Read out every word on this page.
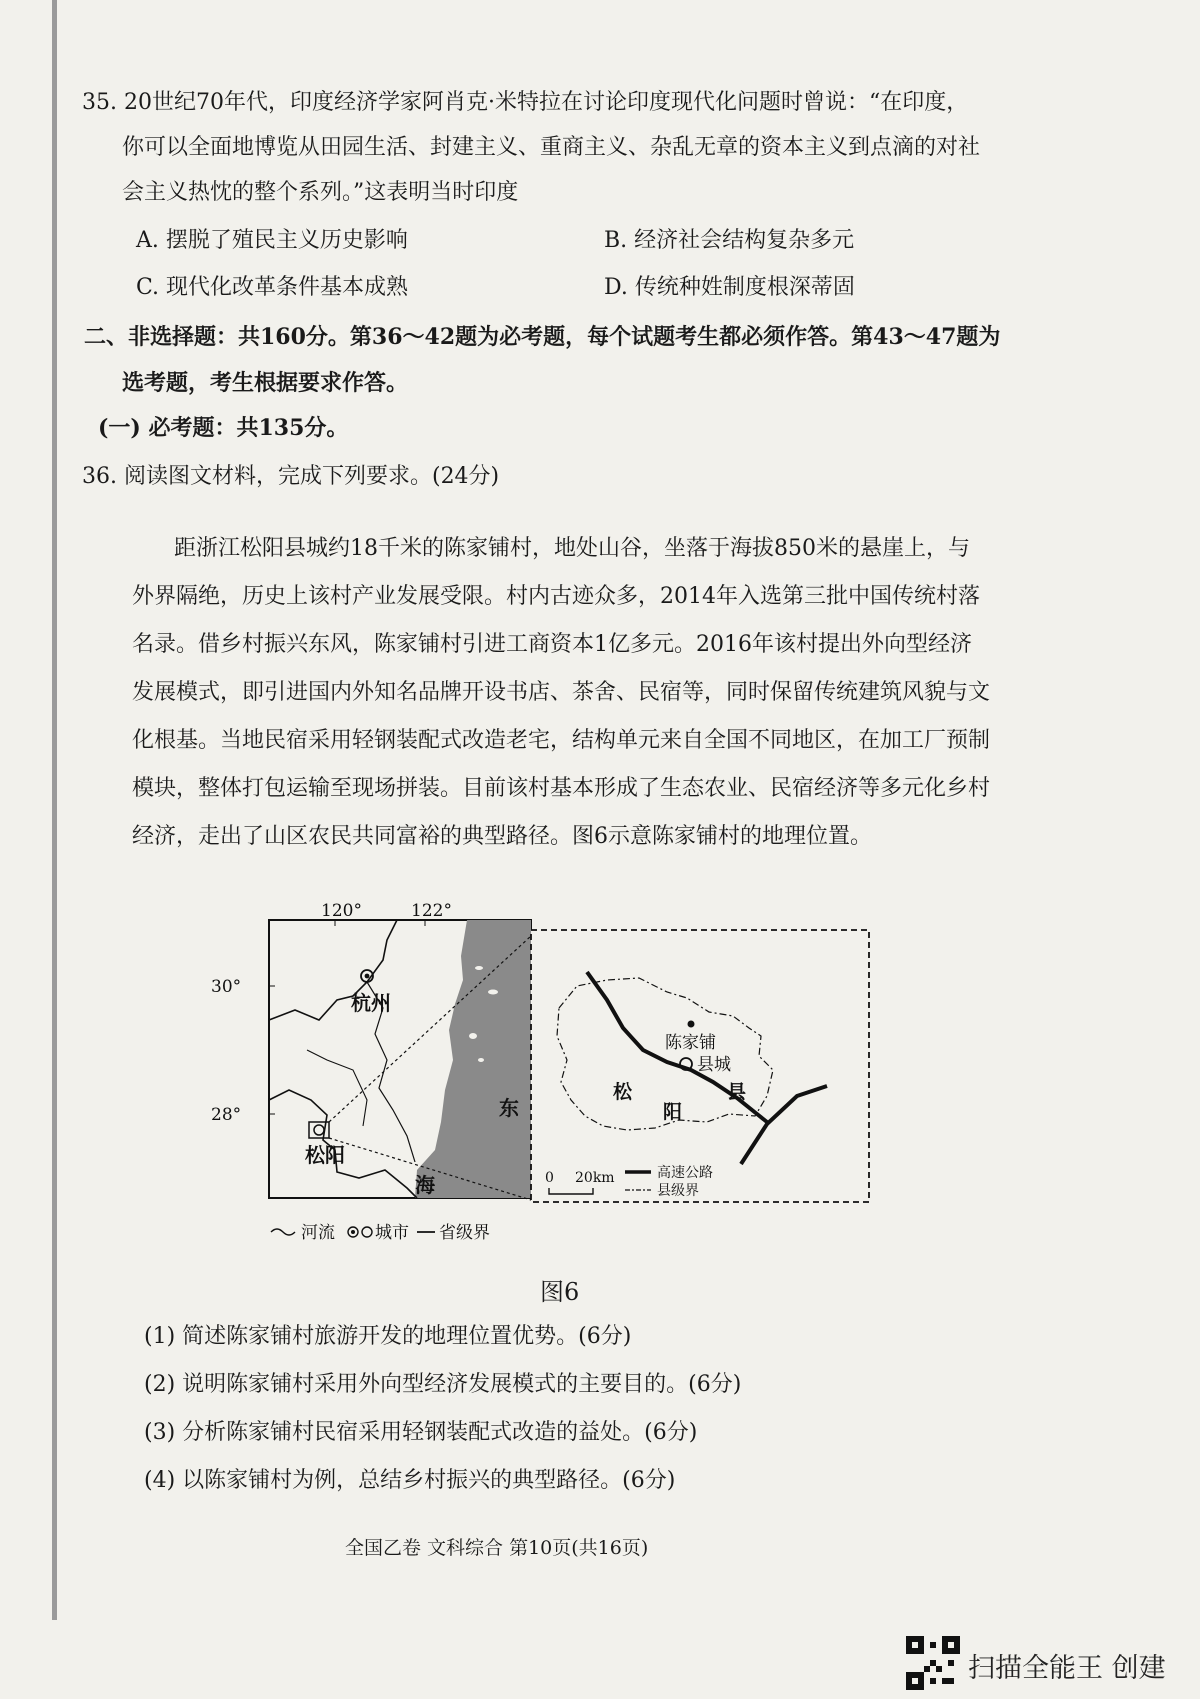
35. 20世纪70年代，印度经济学家阿肖克·米特拉在讨论印度现代化问题时曾说：“在印度，
你可以全面地博览从田园生活、封建主义、重商主义、杂乱无章的资本主义到点滴的对社
会主义热忱的整个系列。”这表明当时印度
A. 摆脱了殖民主义历史影响	B. 经济社会结构复杂多元
C. 现代化改革条件基本成熟	D. 传统种姓制度根深蒂固
二、非选择题：共160分。第36～42题为必考题，每个试题考生都必须作答。第43～47题为
选考题，考生根据要求作答。
(一) 必考题：共135分。
36. 阅读图文材料，完成下列要求。(24分)
距浙江松阳县城约18千米的陈家铺村，地处山谷，坐落于海拔850米的悬崖上，与
外界隔绝，历史上该村产业发展受限。村内古迹众多，2014年入选第三批中国传统村落
名录。借乡村振兴东风，陈家铺村引进工商资本1亿多元。2016年该村提出外向型经济
发展模式，即引进国内外知名品牌开设书店、茶舍、民宿等，同时保留传统建筑风貌与文
化根基。当地民宿采用轻钢装配式改造老宅，结构单元来自全国不同地区，在加工厂预制
模块，整体打包运输至现场拼装。目前该村基本形成了生态农业、民宿经济等多元化乡村
经济，走出了山区农民共同富裕的典型路径。图6示意陈家铺村的地理位置。
杭州
松阳
东
海
120°	122°
30°
28°
陈家铺
县城
松
阳
县
0 20km	高速公路
县级界
河流 城市 省级界
图6
(1) 简述陈家铺村旅游开发的地理位置优势。(6分)
(2) 说明陈家铺村采用外向型经济发展模式的主要目的。(6分)
(3) 分析陈家铺村民宿采用轻钢装配式改造的益处。(6分)
(4) 以陈家铺村为例，总结乡村振兴的典型路径。(6分)
全国乙卷 文科综合 第10页(共16页)
扫描全能王 创建
